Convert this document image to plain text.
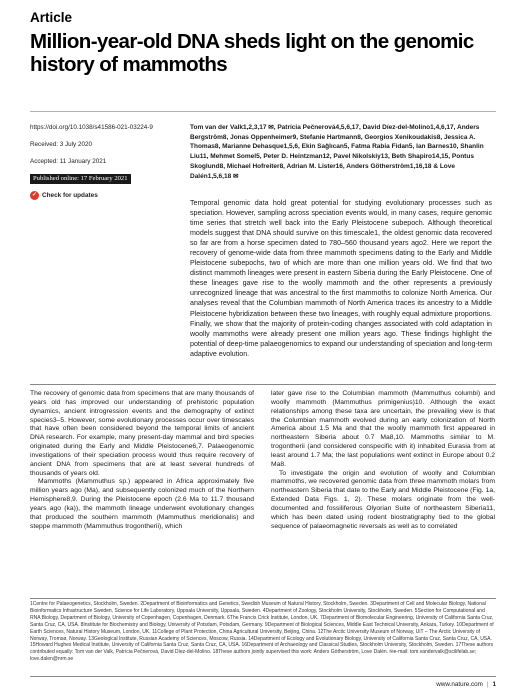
Article
Million-year-old DNA sheds light on the genomic history of mammoths
https://doi.org/10.1038/s41586-021-03224-9
Received: 3 July 2020
Accepted: 11 January 2021
Published online: 17 February 2021
✓ Check for updates
Tom van der Valk1,2,3,17 ✉, Patrícia Pečnerová4,5,6,17, David Díez-del-Molino1,4,6,17, Anders Bergström8, Jonas Oppenheimer9, Stefanie Hartmann8, Georgios Xenikoudakis8, Jessica A. Thomas8, Marianne Dehasque1,5,6, Ekin Sağlıcan5, Fatma Rabia Fidan5, Ian Barnes10, Shanlin Liu11, Mehmet Somel5, Peter D. Heintzman12, Pavel Nikolskiy13, Beth Shapiro14,15, Pontus Skoglund8, Michael Hofreiter8, Adrian M. Lister16, Anders Götherström1,16,18 & Love Dalén1,5,6,18 ✉
Temporal genomic data hold great potential for studying evolutionary processes such as speciation. However, sampling across speciation events would, in many cases, require genomic time series that stretch well back into the Early Pleistocene subepoch. Although theoretical models suggest that DNA should survive on this timescale1, the oldest genomic data recovered so far are from a horse specimen dated to 780–560 thousand years ago2. Here we report the recovery of genome-wide data from three mammoth specimens dating to the Early and Middle Pleistocene subepochs, two of which are more than one million years old. We find that two distinct mammoth lineages were present in eastern Siberia during the Early Pleistocene. One of these lineages gave rise to the woolly mammoth and the other represents a previously unrecognized lineage that was ancestral to the first mammoths to colonize North America. Our analyses reveal that the Columbian mammoth of North America traces its ancestry to a Middle Pleistocene hybridization between these two lineages, with roughly equal admixture proportions. Finally, we show that the majority of protein-coding changes associated with cold adaptation in woolly mammoths were already present one million years ago. These findings highlight the potential of deep-time palaeogenomics to expand our understanding of speciation and long-term adaptive evolution.

The recovery of genomic data from specimens that are many thousands of years old has improved our understanding of prehistoric population dynamics, ancient introgression events and the demography of extinct species3–5. However, some evolutionary processes occur over timescales that have often been considered beyond the temporal limits of ancient DNA research. For example, many present-day mammal and bird species originated during the Early and Middle Pleistocene6,7. Palaeogenomic investigations of their speciation process would thus require recovery of ancient DNA from specimens that are at least several hundreds of thousands of years old.

Mammoths (Mammuthus sp.) appeared in Africa approximately five million years ago (Ma), and subsequently colonized much of the Northern Hemisphere8,9. During the Pleistocene epoch (2.6 Ma to 11.7 thousand years ago (ka)), the mammoth lineage underwent evolutionary changes that produced the southern mammoth (Mammuthus meridionalis) and steppe mammoth (Mammuthus trogontherii), which

later gave rise to the Columbian mammoth (Mammuthus columbi) and woolly mammoth (Mammuthus primigenius)10. Although the exact relationships among these taxa are uncertain, the prevailing view is that the Columbian mammoth evolved during an early colonization of North America about 1.5 Ma and that the woolly mammoth first appeared in northeastern Siberia about 0.7 Ma8,10. Mammoths similar to M. trogontherii (and considered conspecific with it) inhabited Eurasia from at least around 1.7 Ma; the last populations went extinct in Europe about 0.2 Ma8.

To investigate the origin and evolution of woolly and Columbian mammoths, we recovered genomic data from three mammoth molars from northeastern Siberia that date to the Early and Middle Pleistocene (Fig. 1a, Extended Data Figs. 1, 2). These molars originate from the well-documented and fossiliferous Olyorian Suite of northeastern Siberia11, which has been dated using rodent biostratigraphy tied to the global sequence of palaeomagnetic reversals as well as to correlated

1Centre for Palaeogenetics, Stockholm, Sweden. 2Department of Bioinformatics and Genetics, Swedish Museum of Natural History, Stockholm, Sweden. 3Department of Cell and Molecular Biology, National Bioinformatics Infrastructure Sweden, Science for Life Laboratory, Uppsala University, Uppsala, Sweden. 4Department of Zoology, Stockholm University, Stockholm, Sweden. 5Section for Computational and RNA Biology, Department of Biology, University of Copenhagen, Copenhagen, Denmark. 6The Francis Crick Institute, London, UK. 7Department of Biomolecular Engineering, University of California Santa Cruz, Santa Cruz, CA, USA. 8Institute for Biochemistry and Biology, University of Potsdam, Potsdam, Germany. 9Department of Biological Sciences, Middle East Technical University, Ankara, Turkey. 10Department of Earth Sciences, Natural History Museum, London, UK. 11College of Plant Protection, China Agricultural University, Beijing, China. 12The Arctic University Museum of Norway, UiT – The Arctic University of Norway, Tromsø, Norway. 13Geological Institute, Russian Academy of Sciences, Moscow, Russia. 14Department of Ecology and Evolutionary Biology, University of California Santa Cruz, Santa Cruz, CA, USA. 15Howard Hughes Medical Institute, University of California Santa Cruz, Santa Cruz, CA, USA. 16Department of Archaeology and Classical Studies, Stockholm University, Stockholm, Sweden. 17These authors contributed equally: Tom van der Valk, Patrícia Pečnerová, David Díez-del-Molino. 18These authors jointly supervised this work: Anders Götherström, Love Dalén. ✉e-mail: tom.vandervalk@scilifelab.se; love.dalen@nrm.se
www.nature.com | 1
